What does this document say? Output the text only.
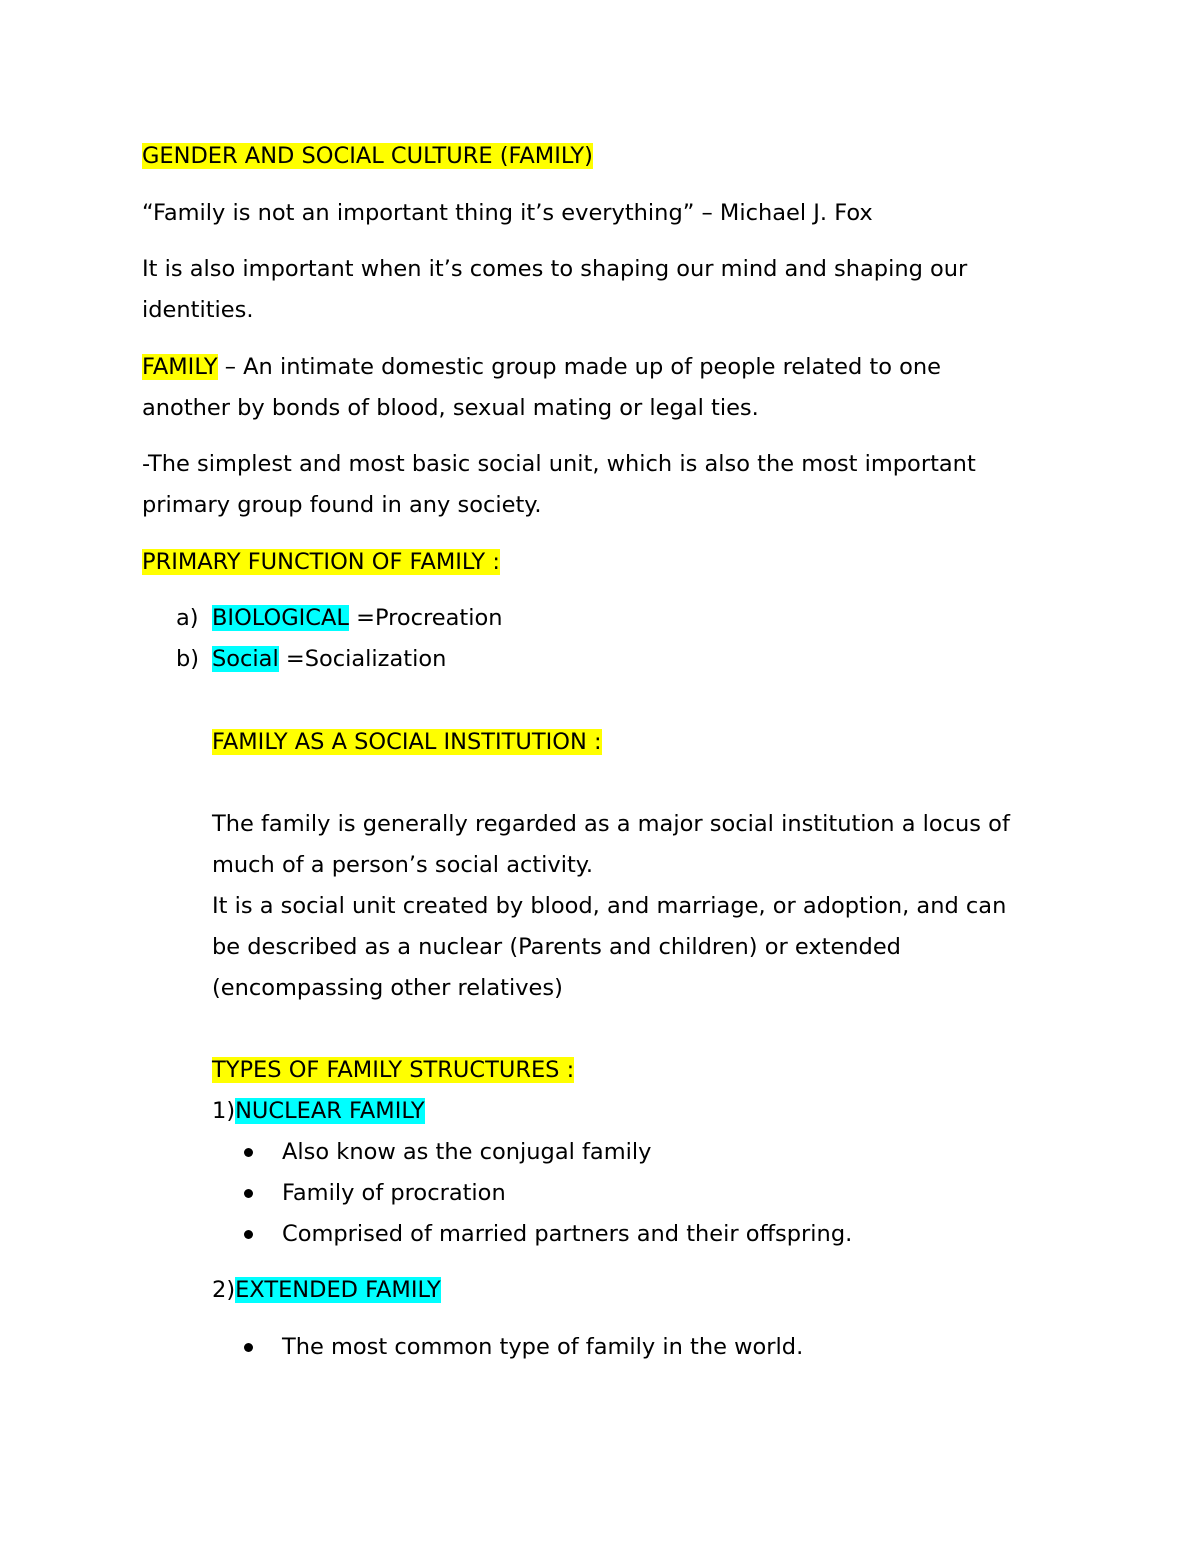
GENDER AND SOCIAL CULTURE (FAMILY)
“Family is not an important thing it’s everything” – Michael J. Fox
It is also important when it’s comes to shaping our mind and shaping our
identities.
FAMILY – An intimate domestic group made up of people related to one
another by bonds of blood, sexual mating or legal ties.
-The simplest and most basic social unit, which is also the most important
primary group found in any society.
PRIMARY FUNCTION OF FAMILY :
a) BIOLOGICAL =Procreation
b) Social =Socialization
FAMILY AS A SOCIAL INSTITUTION :
The family is generally regarded as a major social institution a locus of
much of a person’s social activity.
It is a social unit created by blood, and marriage, or adoption, and can
be described as a nuclear (Parents and children) or extended
(encompassing other relatives)
TYPES OF FAMILY STRUCTURES :
1)NUCLEAR FAMILY
Also know as the conjugal family
Family of procration
Comprised of married partners and their offspring.
2)EXTENDED FAMILY
The most common type of family in the world.
